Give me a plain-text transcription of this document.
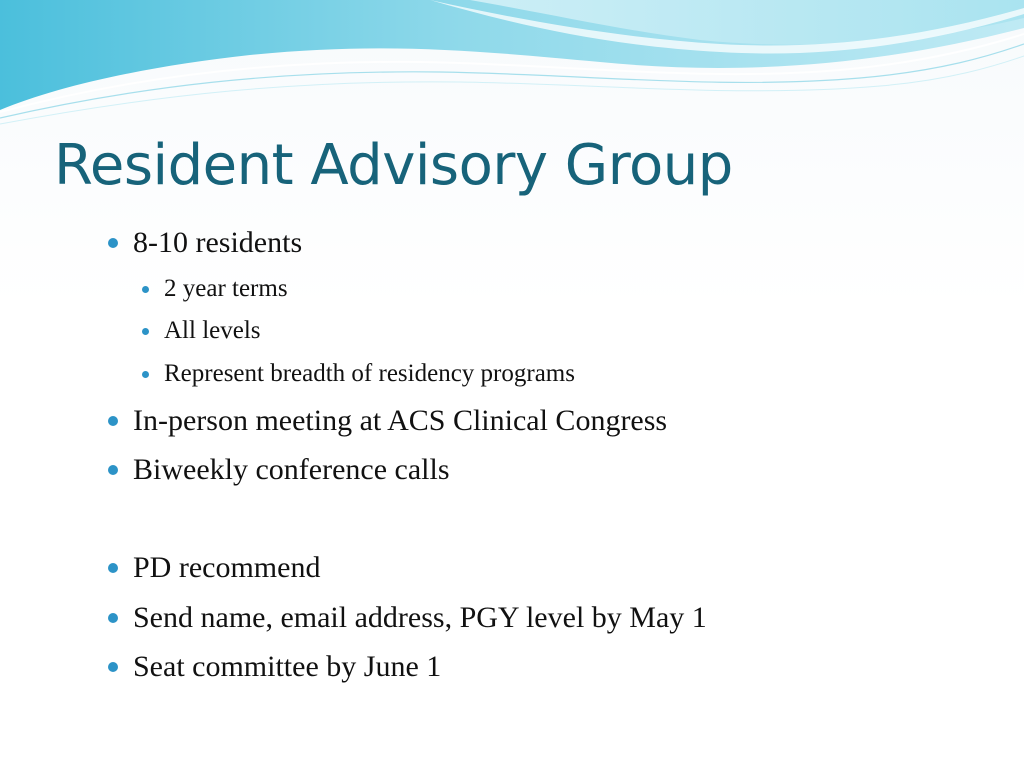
Resident Advisory Group
8-10 residents
2 year terms
All levels
Represent breadth of residency programs
In-person meeting at ACS Clinical Congress
Biweekly conference calls
PD recommend
Send name, email address, PGY level by May 1
Seat committee by June 1
